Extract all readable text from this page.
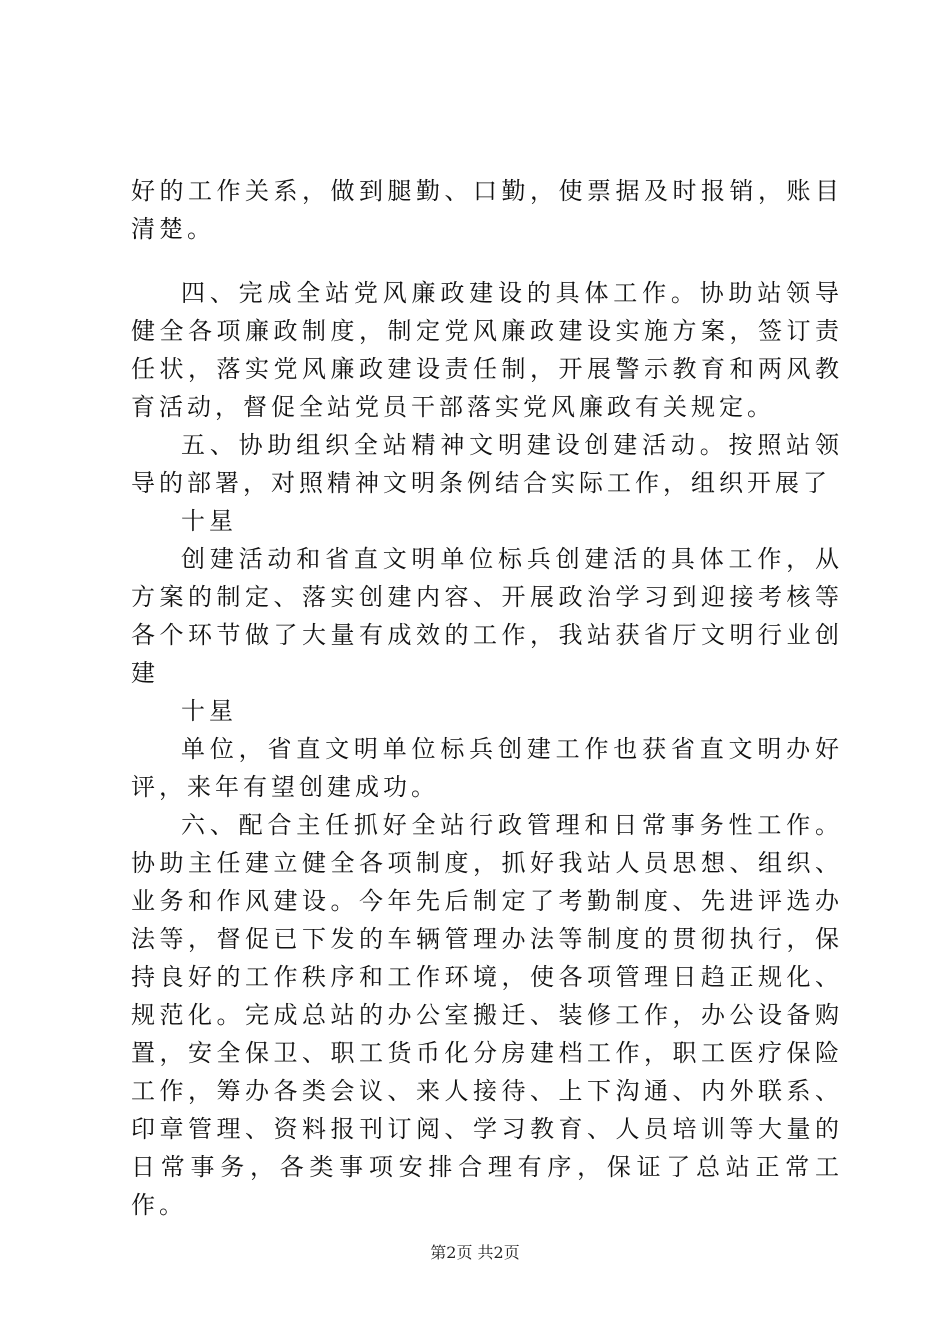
好的工作关系，做到腿勤、口勤，使票据及时报销，账目清楚。

四、完成全站党风廉政建设的具体工作。协助站领导健全各项廉政制度，制定党风廉政建设实施方案，签订责任状，落实党风廉政建设责任制，开展警示教育和两风教育活动，督促全站党员干部落实党风廉政有关规定。

五、协助组织全站精神文明建设创建活动。按照站领导的部署，对照精神文明条例结合实际工作，组织开展了

十星

创建活动和省直文明单位标兵创建活的具体工作，从方案的制定、落实创建内容、开展政治学习到迎接考核等各个环节做了大量有成效的工作，我站获省厅文明行业创建

十星

单位，省直文明单位标兵创建工作也获省直文明办好评，来年有望创建成功。

六、配合主任抓好全站行政管理和日常事务性工作。协助主任建立健全各项制度，抓好我站人员思想、组织、业务和作风建设。今年先后制定了考勤制度、先进评选办法等，督促已下发的车辆管理办法等制度的贯彻执行，保持良好的工作秩序和工作环境，使各项管理日趋正规化、规范化。完成总站的办公室搬迁、装修工作，办公设备购置，安全保卫、职工货币化分房建档工作，职工医疗保险工作，筹办各类会议、来人接待、上下沟通、内外联系、印章管理、资料报刊订阅、学习教育、人员培训等大量的日常事务，各类事项安排合理有序，保证了总站正常工作。

第2页 共2页
